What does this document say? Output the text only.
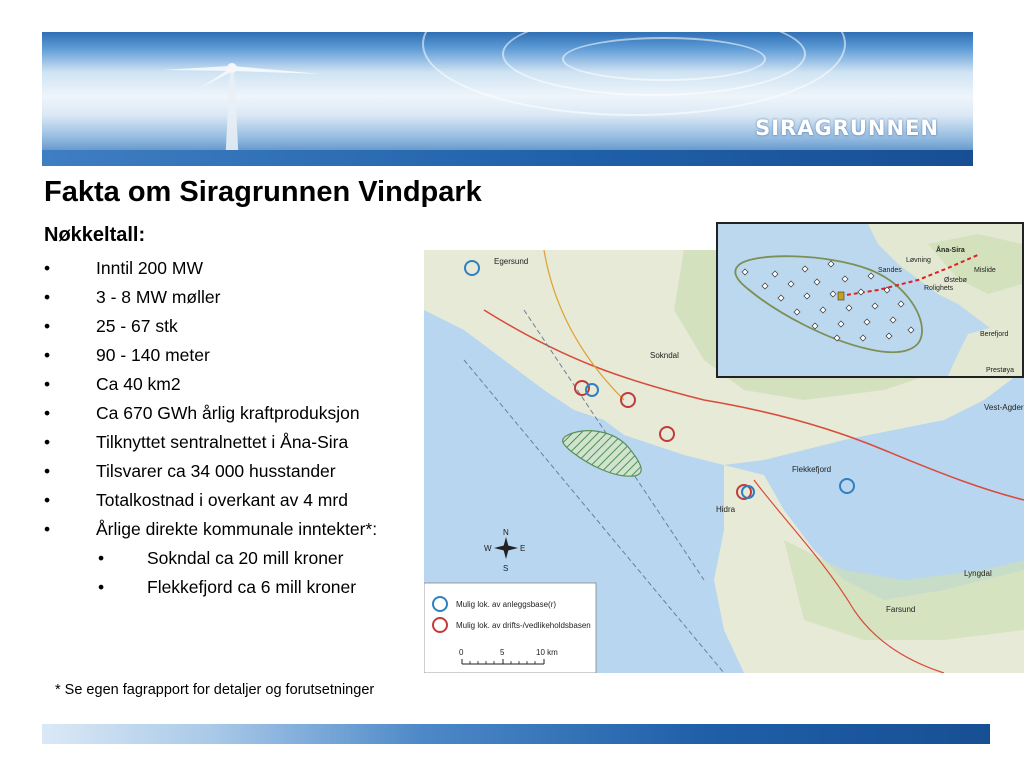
SIRAGRUNNEN
Fakta om Siragrunnen Vindpark
Nøkkeltall:
•	Inntil 200 MW
•	3 - 8 MW møller
•	25 - 67 stk
•	90 - 140 meter
•	Ca 40 km2
•	Ca 670 GWh årlig kraftproduksjon
•	Tilknyttet sentralnettet i Åna-Sira
•	Tilsvarer ca 34 000 husstander
•	Totalkostnad i overkant av 4 mrd
•	Årlige direkte kommunale inntekter*:
• Sokndal ca 20 mill kroner
• Flekkefjord ca 6 mill kroner
Sokndal
Flekkefjord
Farsund
Lyngdal
Vest-Agder
Egersund
Hidra
N
S
E
W
Mulig lok. av anleggsbase(r)
Mulig lok. av drifts-/vedlikeholdsbasen
0	5	10 km
Åna-Sira
Sandes
Løvning
Mislide
Østebø
Rolighets
Berefjord
Prestøya

* Se egen fagrapport for detaljer og forutsetninger
